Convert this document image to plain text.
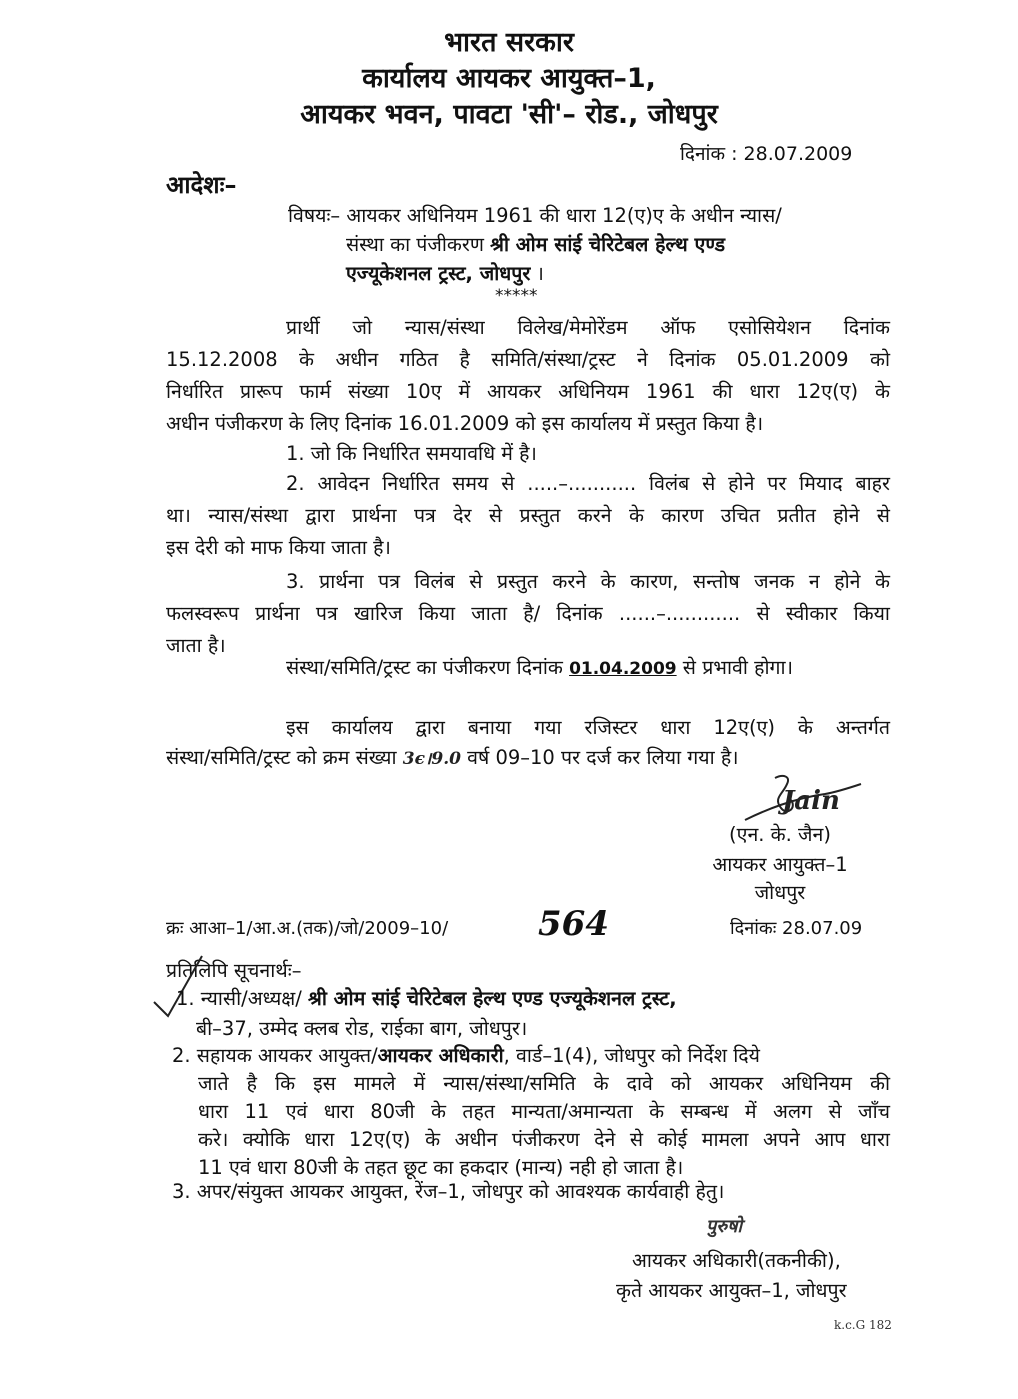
भारत सरकार
कार्यालय आयकर आयुक्त–1,
आयकर भवन, पावटा 'सी'– रोड., जोधपुर
दिनांक : 28.07.2009
आदेशः–
विषयः– आयकर अधिनियम 1961 की धारा 12(ए)ए के अधीन न्यास/
संस्था का पंजीकरण श्री ओम सांई चेरिटेबल हेल्थ एण्ड
एज्यूकेशनल ट्रस्ट, जोधपुर ।
*****
प्रार्थी जो न्यास/संस्था विलेख/मेमोरेंडम ऑफ एसोसियेशन दिनांक
15.12.2008 के अधीन गठित है समिति/संस्था/ट्रस्ट ने दिनांक 05.01.2009 को
निर्धारित प्रारूप फार्म संख्या 10ए में आयकर अधिनियम 1961 की धारा 12ए(ए) के
अधीन पंजीकरण के लिए दिनांक 16.01.2009 को इस कार्यालय में प्रस्तुत किया है।
1. जो कि निर्धारित समयावधि में है।
2. आवेदन निर्धारित समय से .....–........... विलंब से होने पर मियाद बाहर
था। न्यास/संस्था द्वारा प्रार्थना पत्र देर से प्रस्तुत करने के कारण उचित प्रतीत होने से
इस देरी को माफ किया जाता है।
3. प्रार्थना पत्र विलंब से प्रस्तुत करने के कारण, सन्तोष जनक न होने के
फलस्वरूप प्रार्थना पत्र खारिज किया जाता है/ दिनांक ......–............ से स्वीकार किया
जाता है।
संस्था/समिति/ट्रस्ट का पंजीकरण दिनांक 01.04.2009 से प्रभावी होगा।
इस कार्यालय द्वारा बनाया गया रजिस्टर धारा 12ए(ए) के अन्तर्गत
संस्था/समिति/ट्रस्ट को क्रम संख्या 3ϵ।9.0 वर्ष 09–10 पर दर्ज कर लिया गया है।
Jain
(एन. के. जैन)
आयकर आयुक्त–1
जोधपुर
क्रः आआ–1/आ.अ.(तक)/जो/2009–10/	564	दिनांकः 28.07.09
प्रतिलिपि सूचनार्थः–
1. न्यासी/अध्यक्ष/ श्री ओम सांई चेरिटेबल हेल्थ एण्ड एज्यूकेशनल ट्रस्ट,
बी–37, उम्मेद क्लब रोड, राईका बाग, जोधपुर।
2. सहायक आयकर आयुक्त/आयकर अधिकारी, वार्ड–1(4), जोधपुर को निर्देश दिये
जाते है कि इस मामले में न्यास/संस्था/समिति के दावे को आयकर अधिनियम की
धारा 11 एवं धारा 80जी के तहत मान्यता/अमान्यता के सम्बन्ध में अलग से जाँच
करे। क्योकि धारा 12ए(ए) के अधीन पंजीकरण देने से कोई मामला अपने आप धारा
11 एवं धारा 80जी के तहत छूट का हकदार (मान्य) नही हो जाता है।
3. अपर/संयुक्त आयकर आयुक्त, रेंज–1, जोधपुर को आवश्यक कार्यवाही हेतु।
पुरुषो
आयकर अधिकारी(तकनीकी),
कृते आयकर आयुक्त–1, जोधपुर
k.c.G 182
